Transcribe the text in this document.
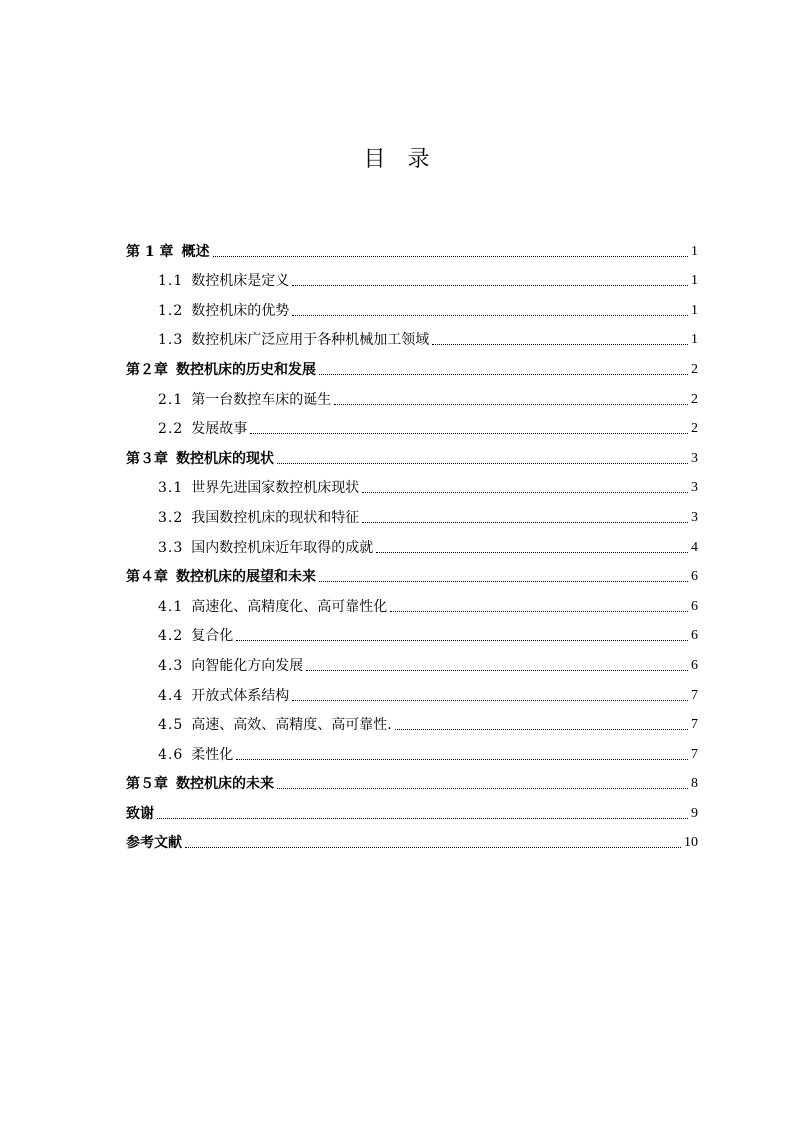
目录
第 1 章 概述	1
1.1 数控机床是定义	1
1.2 数控机床的优势	1
1.3 数控机床广泛应用于各种机械加工领域	1
第２章 数控机床的历史和发展	2
2.1 第一台数控车床的诞生	2
2.2 发展故事	2
第３章 数控机床的现状	3
3.1 世界先进国家数控机床现状	3
3.2 我国数控机床的现状和特征	3
3.3 国内数控机床近年取得的成就	4
第４章 数控机床的展望和未来	6
4.1 高速化、高精度化、高可靠性化	6
4.2 复合化	6
4.3 向智能化方向发展	6
4.4 开放式体系结构	7
4.5 高速、高效、高精度、高可靠性.	7
4.6 柔性化	7
第５章 数控机床的未来	8
致谢	9
参考文献	10
